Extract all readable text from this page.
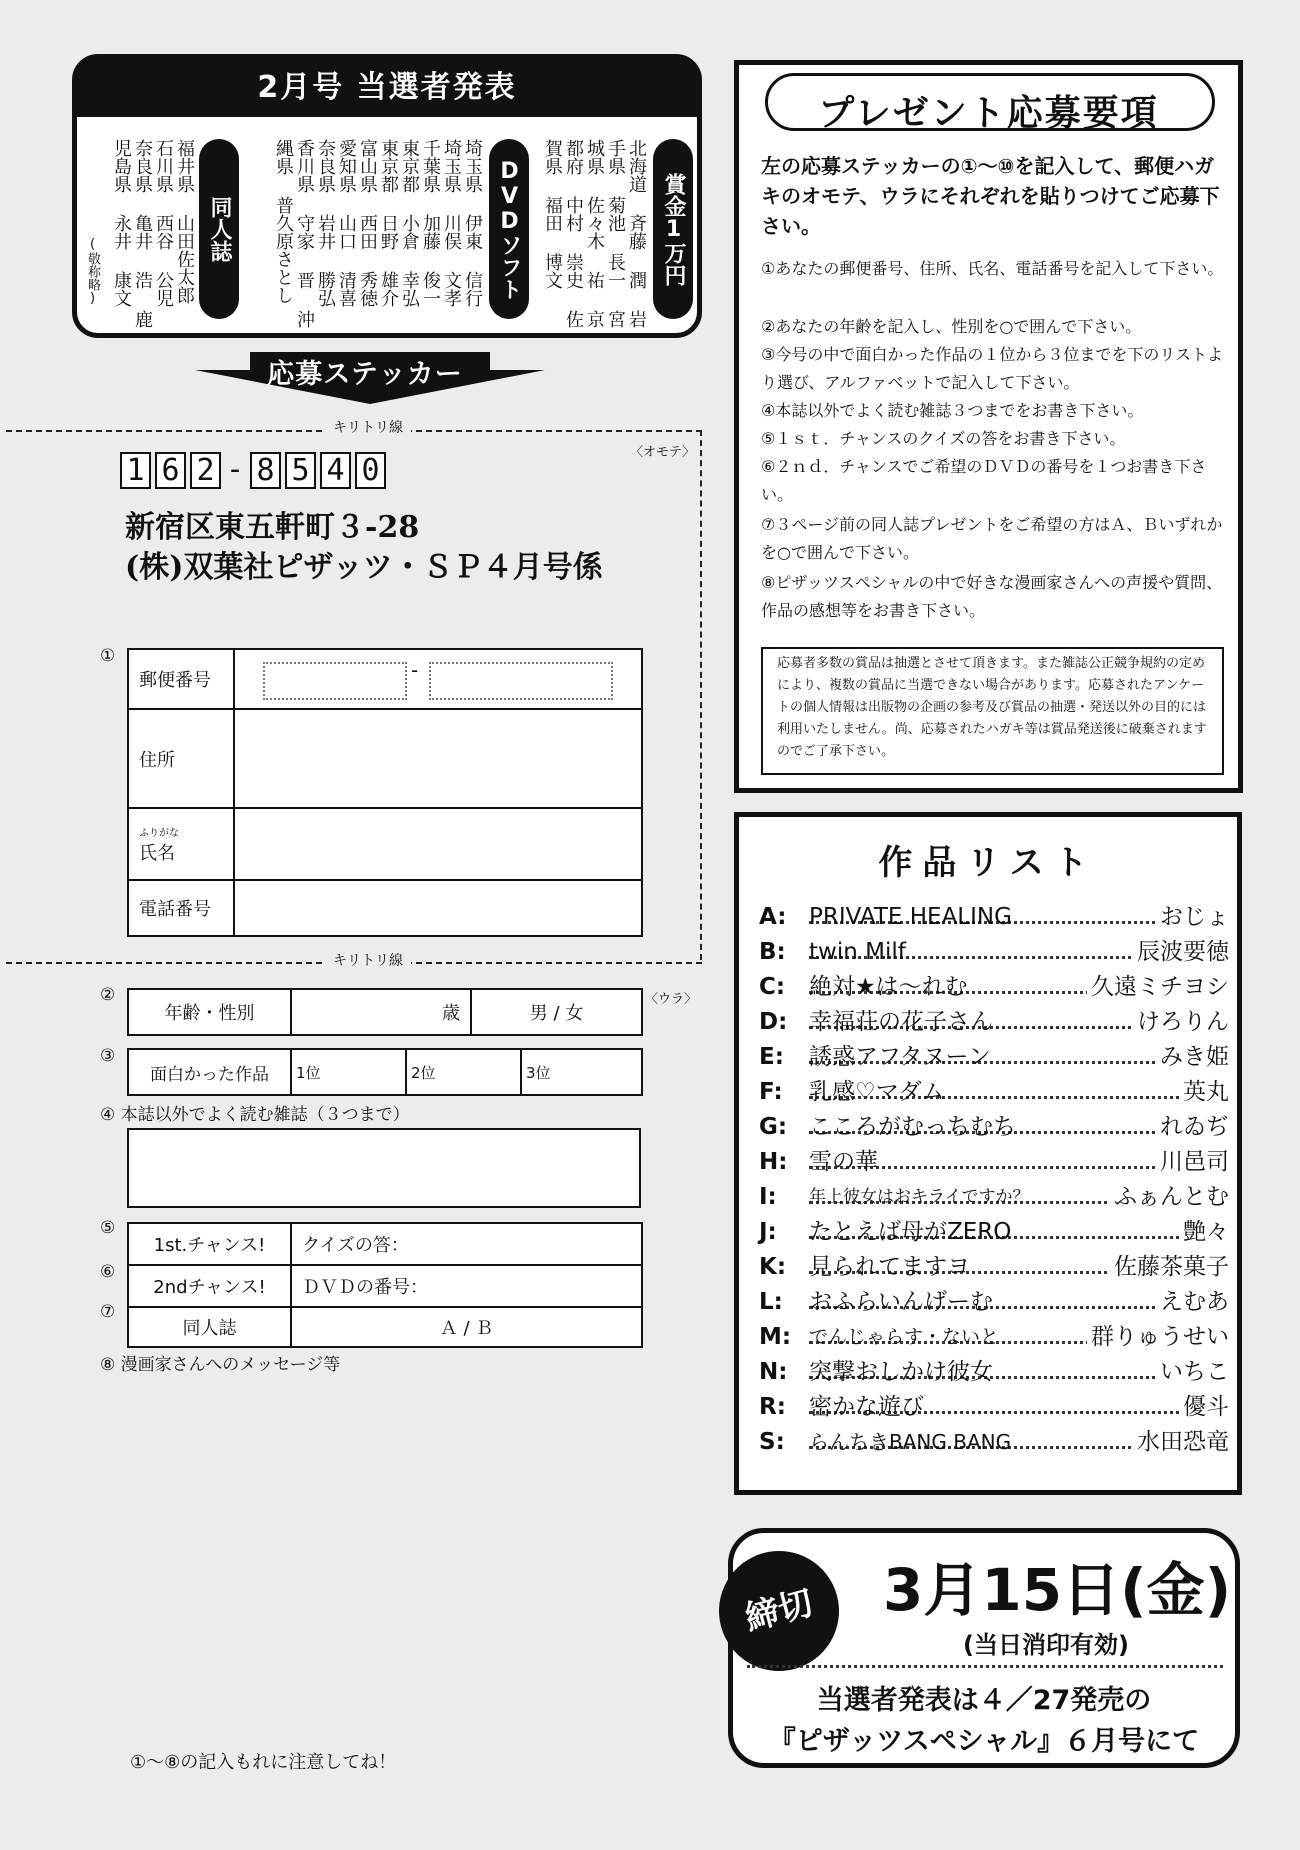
2月号 当選者発表
賞金1万円
北海道 斉藤 潤 岩手県 菊池 長一 宮城県 佐々木 祐 京都府 中村 崇史 佐賀県 福田 博文
DVDソフト
埼玉県 伊東 信行 埼玉県 川俣 文孝 千葉県 加藤 俊一 東京都 小倉 幸弘 東京都 日野 雄介 富山県 西田 秀徳 愛知県 山口 清喜 奈良県 岩井 勝弘 香川県 守家 晋 沖縄県 普久原さとし
同人誌
福井県 山田佐太郎 石川県 西谷 公児 奈良県 亀井 浩 鹿児島県 永井 康文
(敬称略)
応募ステッカー
キリトリ線
〈オモテ〉
1 6 2 - 8 5 4 0
新宿区東五軒町３-28
(株)双葉社ピザッツ・ＳＰ４月号係
①
郵便番号	-

住所	

ふりがな
氏名	

電話番号	
キリトリ線
〈ウラ〉
②
年齢・性別	歳	男 / 女
③
面白かった作品	1位	2位	3位
④ 本誌以外でよく読む雑誌（３つまで）
⑤
⑥
⑦
1st.チャンス!	クイズの答：
2ndチャンス!	ＤＶＤの番号：
同人誌	Ａ / Ｂ
⑧ 漫画家さんへのメッセージ等
①～⑧の記入もれに注意してね！
プレゼント応募要項
左の応募ステッカーの①～⑩を記入して、郵便ハガキのオモテ、ウラにそれぞれを貼りつけてご応募下さい。
①あなたの郵便番号、住所、氏名、電話番号を記入して下さい。
②あなたの年齢を記入し、性別を○で囲んで下さい。
③今号の中で面白かった作品の１位から３位までを下のリストより選び、アルファベットで記入して下さい。
④本誌以外でよく読む雑誌３つまでをお書き下さい。
⑤１ｓｔ．チャンスのクイズの答をお書き下さい。
⑥２ｎｄ．チャンスでご希望のＤＶＤの番号を１つお書き下さい。
⑦３ページ前の同人誌プレゼントをご希望の方はＡ、Ｂいずれかを○で囲んで下さい。
⑧ピザッツスペシャルの中で好きな漫画家さんへの声援や質問、作品の感想等をお書き下さい。
応募者多数の賞品は抽選とさせて頂きます。また雑誌公正競争規約の定めにより、複数の賞品に当選できない場合があります。応募されたアンケートの個人情報は出版物の企画の参考及び賞品の抽選・発送以外の目的には利用いたしません。尚、応募されたハガキ等は賞品発送後に破棄されますのでご了承下さい。
作品リスト
A: PRIVATE HEALING	おじょ
B: twin Milf	辰波要徳
C: 絶対★は～れむ	久遠ミチヨシ
D: 幸福荘の花子さん	けろりん
E: 誘惑アフタヌーン	みき姫
F: 乳感♡マダム	英丸
G: こころがむっちむち	れゐぢ
H: 雪の華	川邑司
I: 年上彼女はおキライですか？	ふぁんとむ
J: たとえば母がZERO	艶々
K: 見られてますヨ	佐藤茶菓子
L: おふらいんげーむ	えむあ
M: でんじゃらす・ないと	群りゅうせい
N: 突撃おしかけ彼女	いちこ
R: 密かな遊び	優斗
S: らんちきBANG BANG	水田恐竜
締切	3月15日(金)
(当日消印有効)
当選者発表は４／27発売の
『ピザッツスペシャル』６月号にて
